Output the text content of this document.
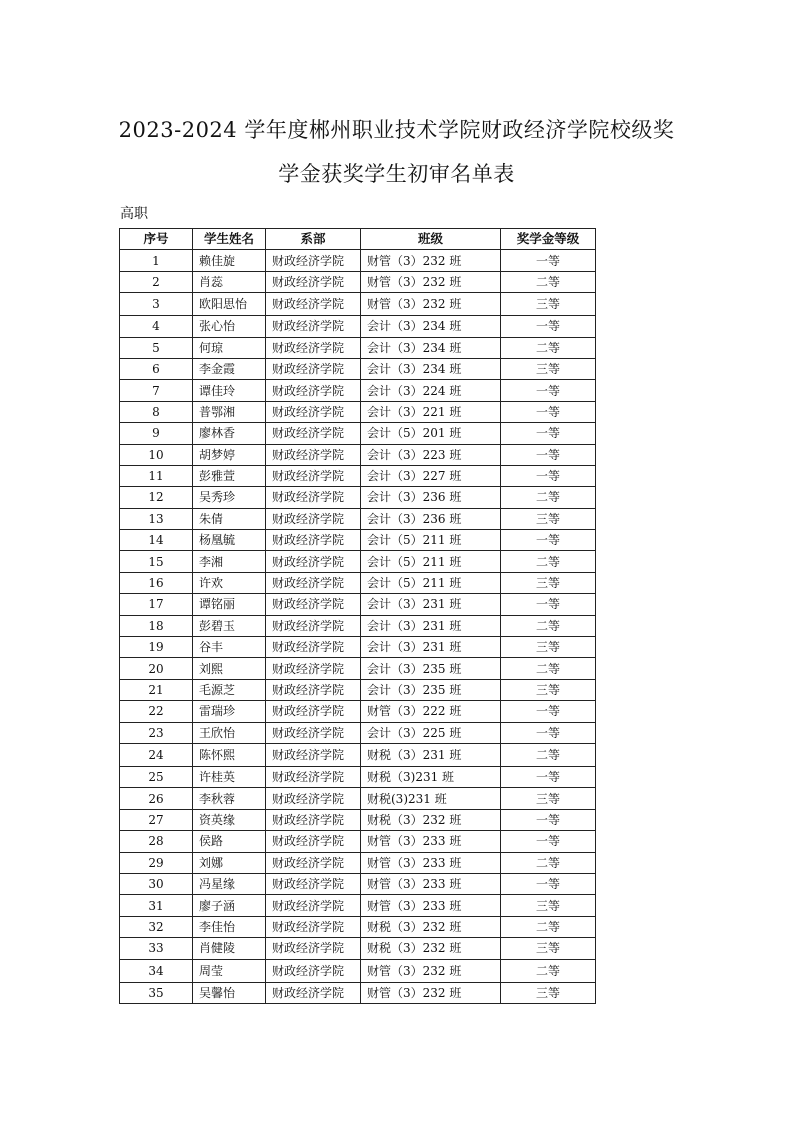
2023-2024 学年度郴州职业技术学院财政经济学院校级奖
学金获奖学生初审名单表

高职

序号	学生姓名	系部	班级	奖学金等级
1	赖佳旋	财政经济学院	财管（3）232 班	一等
2	肖蕊	财政经济学院	财管（3）232 班	二等
3	欧阳思怡	财政经济学院	财管（3）232 班	三等
4	张心怡	财政经济学院	会计（3）234 班	一等
5	何琼	财政经济学院	会计（3）234 班	二等
6	李金霞	财政经济学院	会计（3）234 班	三等
7	谭佳玲	财政经济学院	会计（3）224 班	一等
8	普鄂湘	财政经济学院	会计（3）221 班	一等
9	廖林香	财政经济学院	会计（5）201 班	一等
10	胡梦婷	财政经济学院	会计（3）223 班	一等
11	彭雅萱	财政经济学院	会计（3）227 班	一等
12	吴秀珍	财政经济学院	会计（3）236 班	二等
13	朱倩	财政经济学院	会计（3）236 班	三等
14	杨凰毓	财政经济学院	会计（5）211 班	一等
15	李湘	财政经济学院	会计（5）211 班	二等
16	许欢	财政经济学院	会计（5）211 班	三等
17	谭铭丽	财政经济学院	会计（3）231 班	一等
18	彭碧玉	财政经济学院	会计（3）231 班	二等
19	谷丰	财政经济学院	会计（3）231 班	三等
20	刘熙	财政经济学院	会计（3）235 班	二等
21	毛源芝	财政经济学院	会计（3）235 班	三等
22	雷瑞珍	财政经济学院	财管（3）222 班	一等
23	王欣怡	财政经济学院	会计（3）225 班	一等
24	陈怀熙	财政经济学院	财税（3）231 班	二等
25	许桂英	财政经济学院	财税（3)231 班	一等
26	李秋蓉	财政经济学院	财税(3)231 班	三等
27	资英缘	财政经济学院	财税（3）232 班	一等
28	侯路	财政经济学院	财管（3）233 班	一等
29	刘娜	财政经济学院	财管（3）233 班	二等
30	冯星缘	财政经济学院	财管（3）233 班	一等
31	廖子涵	财政经济学院	财管（3）233 班	三等
32	李佳怡	财政经济学院	财税（3）232 班	二等
33	肖健陵	财政经济学院	财税（3）232 班	三等
34	周莹	财政经济学院	财管（3）232 班	二等
35	吴馨怡	财政经济学院	财管（3）232 班	三等
